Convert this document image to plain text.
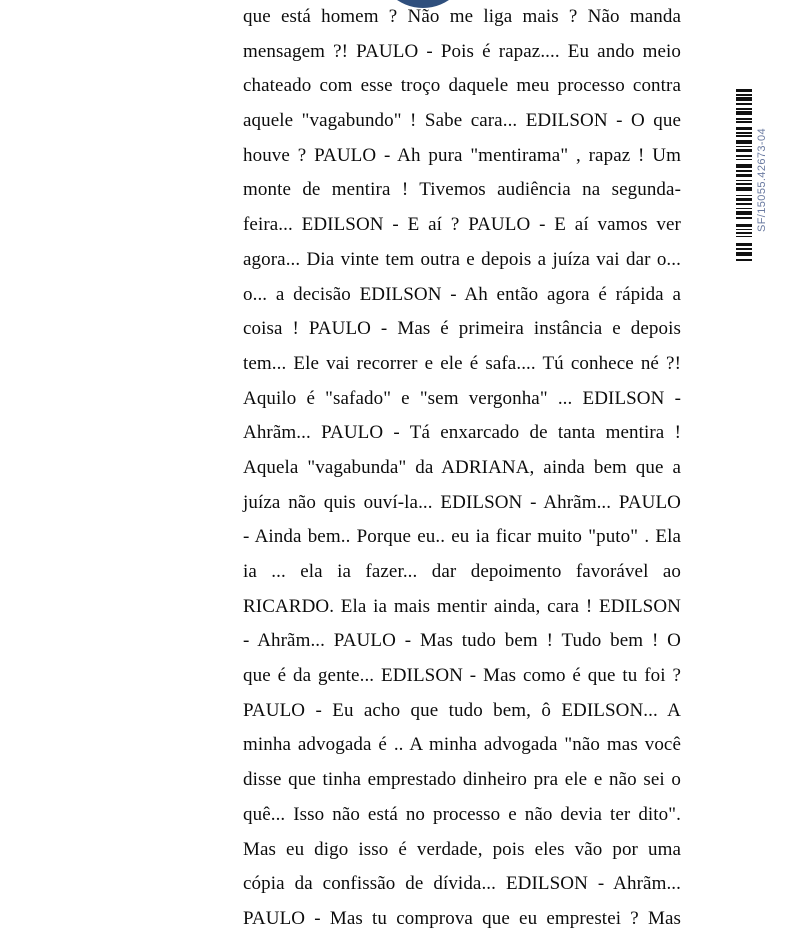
que está homem ? Não me liga mais ? Não manda
mensagem ?! PAULO - Pois é rapaz.... Eu ando meio
chateado com esse troço daquele meu processo contra
aquele "vagabundo" ! Sabe cara... EDILSON - O que
houve ? PAULO - Ah pura "mentirama" , rapaz ! Um
monte de mentira ! Tivemos audiência na segunda-
feira... EDILSON - E aí ? PAULO - E aí vamos ver
agora... Dia vinte tem outra e depois a juíza vai dar o...
o... a decisão EDILSON - Ah então agora é rápida a
coisa ! PAULO - Mas é primeira instância e depois
tem... Ele vai recorrer e ele é safa.... Tú conhece né ?!
Aquilo é "safado" e "sem vergonha" ... EDILSON -
Ahrãm... PAULO - Tá enxarcado de tanta mentira !
Aquela "vagabunda" da ADRIANA, ainda bem que a
juíza não quis ouví-la... EDILSON - Ahrãm... PAULO
- Ainda bem.. Porque eu.. eu ia ficar muito "puto" . Ela
ia ... ela ia fazer... dar depoimento favorável ao
RICARDO. Ela ia mais mentir ainda, cara ! EDILSON
- Ahrãm... PAULO - Mas tudo bem ! Tudo bem ! O
que é da gente... EDILSON - Mas como é que tu foi ?
PAULO - Eu acho que tudo bem, ô EDILSON... A
minha advogada é .. A minha advogada "não mas você
disse que tinha emprestado dinheiro pra ele e não sei o
quê... Isso não está no processo e não devia ter dito".
Mas eu digo isso é verdade, pois eles vão por uma
cópia da confissão de dívida... EDILSON - Ahrãm...
PAULO - Mas tu comprova que eu emprestei ? Mas
SF/15055.42673-04
